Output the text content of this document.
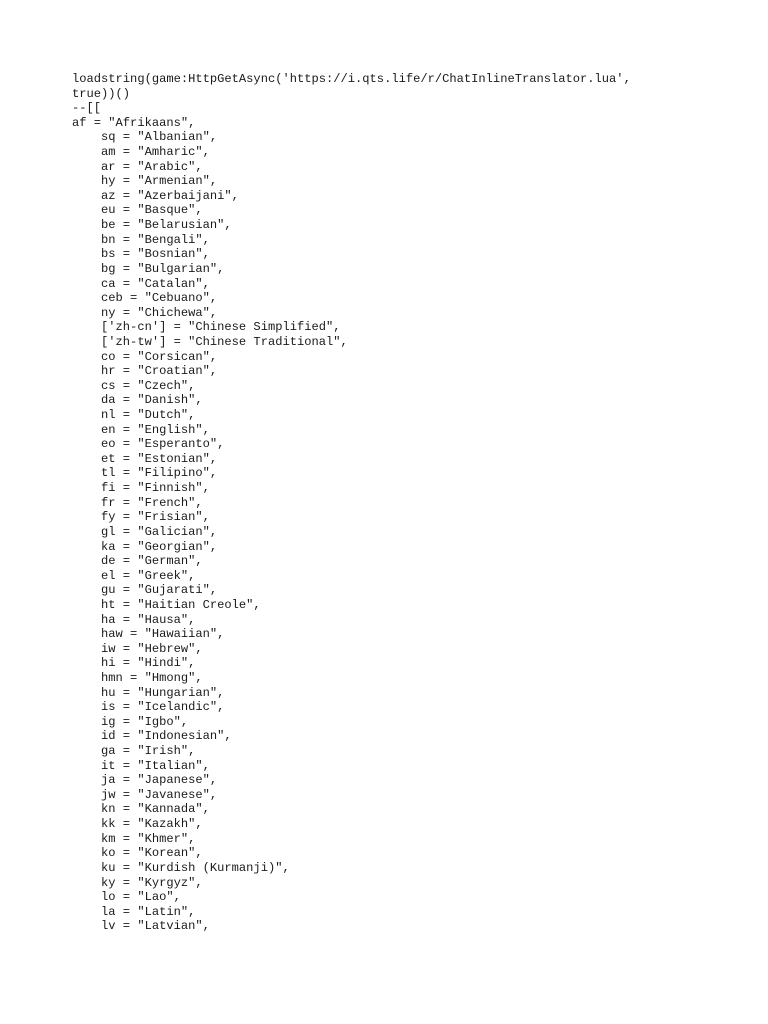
loadstring(game:HttpGetAsync('https://i.qts.life/r/ChatInlineTranslator.lua',
true))()
--[[
af = "Afrikaans",
sq = "Albanian",
am = "Amharic",
ar = "Arabic",
hy = "Armenian",
az = "Azerbaijani",
eu = "Basque",
be = "Belarusian",
bn = "Bengali",
bs = "Bosnian",
bg = "Bulgarian",
ca = "Catalan",
ceb = "Cebuano",
ny = "Chichewa",
['zh-cn'] = "Chinese Simplified",
['zh-tw'] = "Chinese Traditional",
co = "Corsican",
hr = "Croatian",
cs = "Czech",
da = "Danish",
nl = "Dutch",
en = "English",
eo = "Esperanto",
et = "Estonian",
tl = "Filipino",
fi = "Finnish",
fr = "French",
fy = "Frisian",
gl = "Galician",
ka = "Georgian",
de = "German",
el = "Greek",
gu = "Gujarati",
ht = "Haitian Creole",
ha = "Hausa",
haw = "Hawaiian",
iw = "Hebrew",
hi = "Hindi",
hmn = "Hmong",
hu = "Hungarian",
is = "Icelandic",
ig = "Igbo",
id = "Indonesian",
ga = "Irish",
it = "Italian",
ja = "Japanese",
jw = "Javanese",
kn = "Kannada",
kk = "Kazakh",
km = "Khmer",
ko = "Korean",
ku = "Kurdish (Kurmanji)",
ky = "Kyrgyz",
lo = "Lao",
la = "Latin",
lv = "Latvian",
